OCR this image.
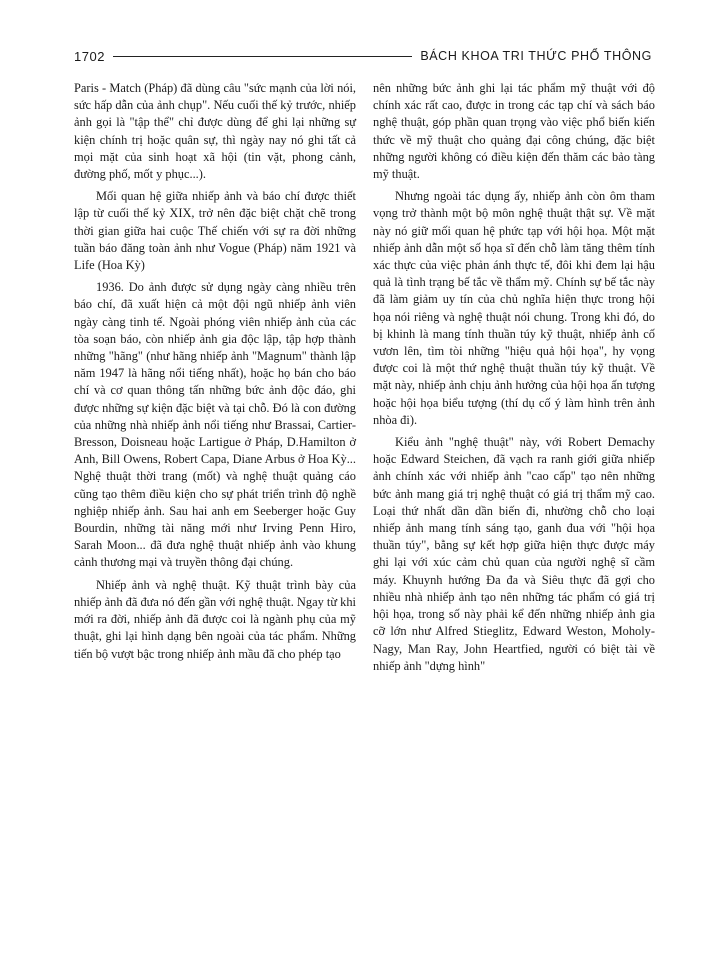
1702	BÁCH KHOA TRI THỨC PHỔ THÔNG

Paris - Match (Pháp) đã dùng câu "sức mạnh của lời nói, sức hấp dẫn của ảnh chụp". Nếu cuối thế kỷ trước, nhiếp ảnh gọi là "tập thể" chỉ được dùng để ghi lại những sự kiện chính trị hoặc quân sự, thì ngày nay nó ghi tất cả mọi mặt của sinh hoạt xã hội (tin vặt, phong cảnh, đường phố, mốt y phục...).

Mối quan hệ giữa nhiếp ảnh và báo chí được thiết lập từ cuối thế kỷ XIX, trở nên đặc biệt chặt chẽ trong thời gian giữa hai cuộc Thế chiến với sự ra đời những tuần báo đăng toàn ảnh như Vogue (Pháp) năm 1921 và Life (Hoa Kỳ)

1936. Do ảnh được sử dụng ngày càng nhiều trên báo chí, đã xuất hiện cả một đội ngũ nhiếp ảnh viên ngày càng tinh tế. Ngoài phóng viên nhiếp ảnh của các tòa soạn báo, còn nhiếp ảnh gia độc lập, tập hợp thành những "hãng" (như hãng nhiếp ảnh "Magnum" thành lập năm 1947 là hãng nổi tiếng nhất), hoặc họ bán cho báo chí và cơ quan thông tấn những bức ảnh độc đáo, ghi được những sự kiện đặc biệt và tại chỗ. Đó là con đường của những nhà nhiếp ảnh nổi tiếng như Brassai, Cartier-Bresson, Doisneau hoặc Lartigue ở Pháp, D.Hamilton ở Anh, Bill Owens, Robert Capa, Diane Arbus ở Hoa Kỳ... Nghệ thuật thời trang (mốt) và nghệ thuật quảng cáo cũng tạo thêm điều kiện cho sự phát triển trình độ nghề nghiệp nhiếp ảnh. Sau hai anh em Seeberger hoặc Guy Bourdin, những tài năng mới như Irving Penn Hiro, Sarah Moon... đã đưa nghệ thuật nhiếp ảnh vào khung cảnh thương mại và truyền thông đại chúng.

Nhiếp ảnh và nghệ thuật. Kỹ thuật trình bày của nhiếp ảnh đã đưa nó đến gần với nghệ thuật. Ngay từ khi mới ra đời, nhiếp ảnh đã được coi là ngành phụ của mỹ thuật, ghi lại hình dạng bên ngoài của tác phẩm. Những tiến bộ vượt bậc trong nhiếp ảnh mầu đã cho phép tạo

nên những bức ảnh ghi lại tác phẩm mỹ thuật với độ chính xác rất cao, được in trong các tạp chí và sách báo nghệ thuật, góp phần quan trọng vào việc phổ biến kiến thức về mỹ thuật cho quảng đại công chúng, đặc biệt những người không có điều kiện đến thăm các bảo tàng mỹ thuật.

Nhưng ngoài tác dụng ấy, nhiếp ảnh còn ôm tham vọng trở thành một bộ môn nghệ thuật thật sự. Về mặt này nó giữ mối quan hệ phức tạp với hội họa. Một mặt nhiếp ảnh dẫn một số họa sĩ đến chỗ làm tăng thêm tính xác thực của việc phản ánh thực tế, đôi khi đem lại hậu quả là tình trạng bế tắc về thẩm mỹ. Chính sự bế tắc này đã làm giảm uy tín của chủ nghĩa hiện thực trong hội họa nói riêng và nghệ thuật nói chung. Trong khi đó, do bị khinh là mang tính thuần túy kỹ thuật, nhiếp ảnh cố vươn lên, tìm tòi những "hiệu quả hội họa", hy vọng được coi là một thứ nghệ thuật thuần túy kỹ thuật. Về mặt này, nhiếp ảnh chịu ảnh hưởng của hội họa ấn tượng hoặc hội họa biểu tượng (thí dụ cố ý làm hình trên ảnh nhòa đi).

Kiểu ảnh "nghệ thuật" này, với Robert Demachy hoặc Edward Steichen, đã vạch ra ranh giới giữa nhiếp ảnh chính xác với nhiếp ảnh "cao cấp" tạo nên những bức ảnh mang giá trị nghệ thuật có giá trị thẩm mỹ cao. Loại thứ nhất dần dần biến đi, nhường chỗ cho loại nhiếp ảnh mang tính sáng tạo, ganh đua với "hội họa thuần túy", bằng sự kết hợp giữa hiện thực được máy ghi lại với xúc cảm chủ quan của người nghệ sĩ cầm máy. Khuynh hướng Đa đa và Siêu thực đã gợi cho nhiều nhà nhiếp ảnh tạo nên những tác phẩm có giá trị hội họa, trong số này phải kể đến những nhiếp ảnh gia cỡ lớn như Alfred Stieglitz, Edward Weston, Moholy-Nagy, Man Ray, John Heartfied, người có biệt tài về nhiếp ảnh "dựng hình"
